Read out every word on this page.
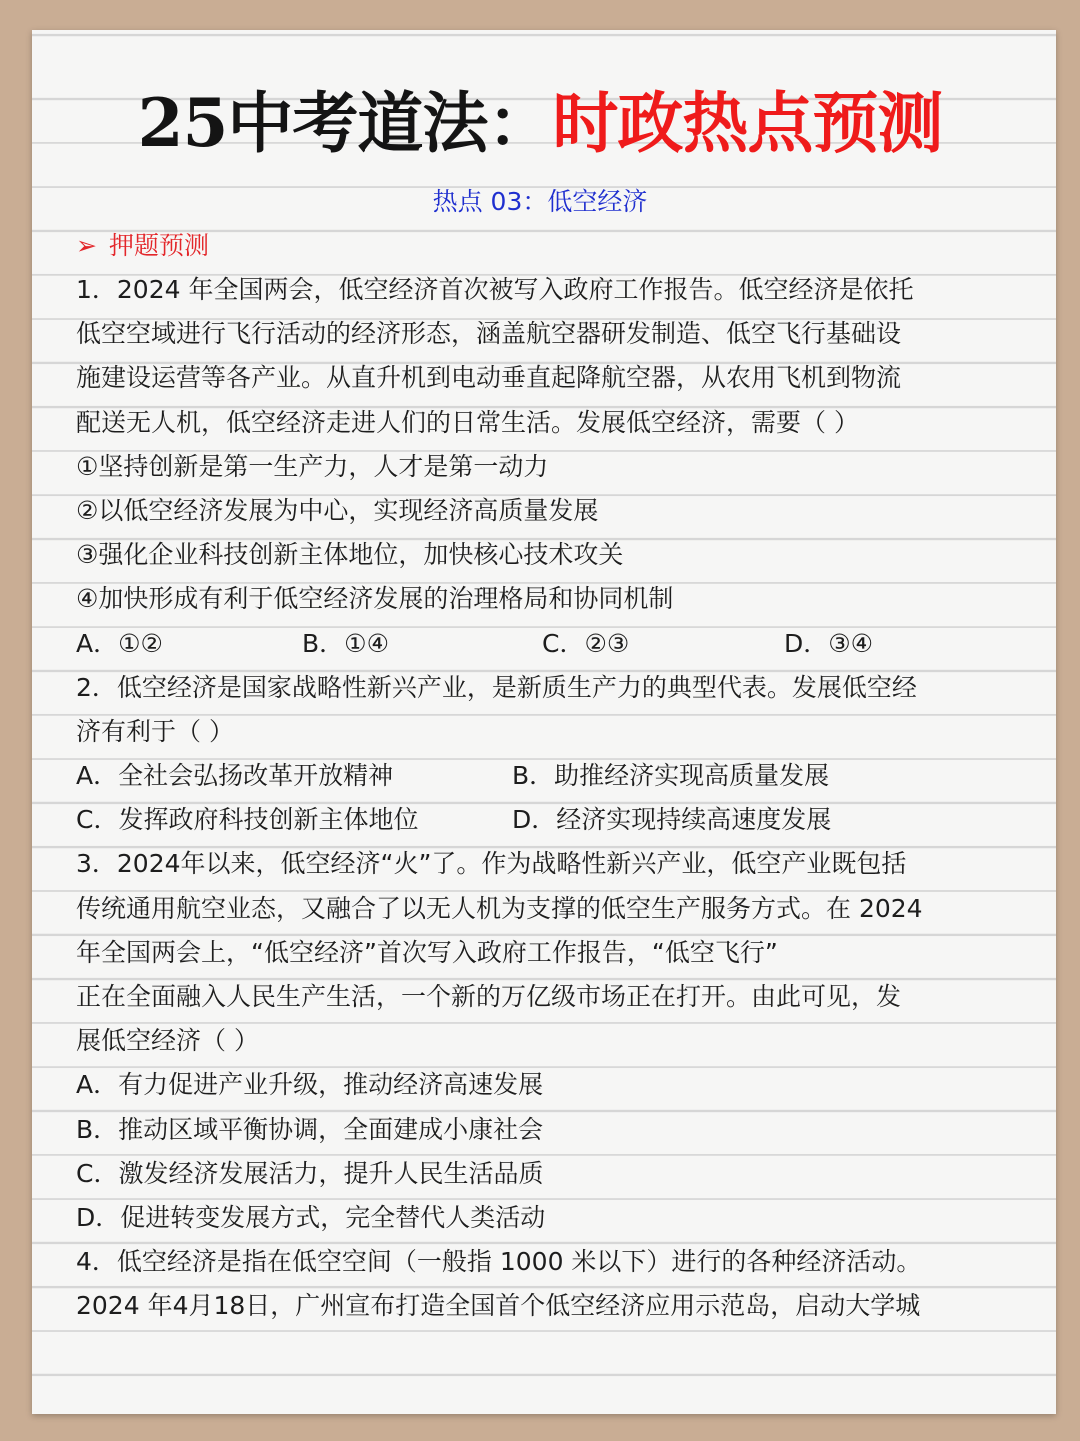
25中考道法：时政热点预测
热点 03：低空经济
➢ 押题预测
1．2024 年全国两会，低空经济首次被写入政府工作报告。低空经济是依托
低空空域进行飞行活动的经济形态，涵盖航空器研发制造、低空飞行基础设
施建设运营等各产业。从直升机到电动垂直起降航空器，从农用飞机到物流
配送无人机，低空经济走进人们的日常生活。发展低空经济，需要（ ）
①坚持创新是第一生产力，人才是第一动力
②以低空经济发展为中心，实现经济高质量发展
③强化企业科技创新主体地位，加快核心技术攻关
④加快形成有利于低空经济发展的治理格局和协同机制
A．①②	B．①④	C．②③	D．③④
2．低空经济是国家战略性新兴产业，是新质生产力的典型代表。发展低空经
济有利于（ ）
A．全社会弘扬改革开放精神	B．助推经济实现高质量发展
C．发挥政府科技创新主体地位	D．经济实现持续高速度发展
3．2024年以来，低空经济“火”了。作为战略性新兴产业，低空产业既包括
传统通用航空业态，又融合了以无人机为支撑的低空生产服务方式。在 2024
年全国两会上，“低空经济”首次写入政府工作报告，“低空飞行”
正在全面融入人民生产生活，一个新的万亿级市场正在打开。由此可见，发
展低空经济（ ）
A．有力促进产业升级，推动经济高速发展
B．推动区域平衡协调，全面建成小康社会
C．激发经济发展活力，提升人民生活品质
D．促进转变发展方式，完全替代人类活动
4．低空经济是指在低空空间（一般指 1000 米以下）进行的各种经济活动。
2024 年4月18日，广州宣布打造全国首个低空经济应用示范岛，启动大学城
